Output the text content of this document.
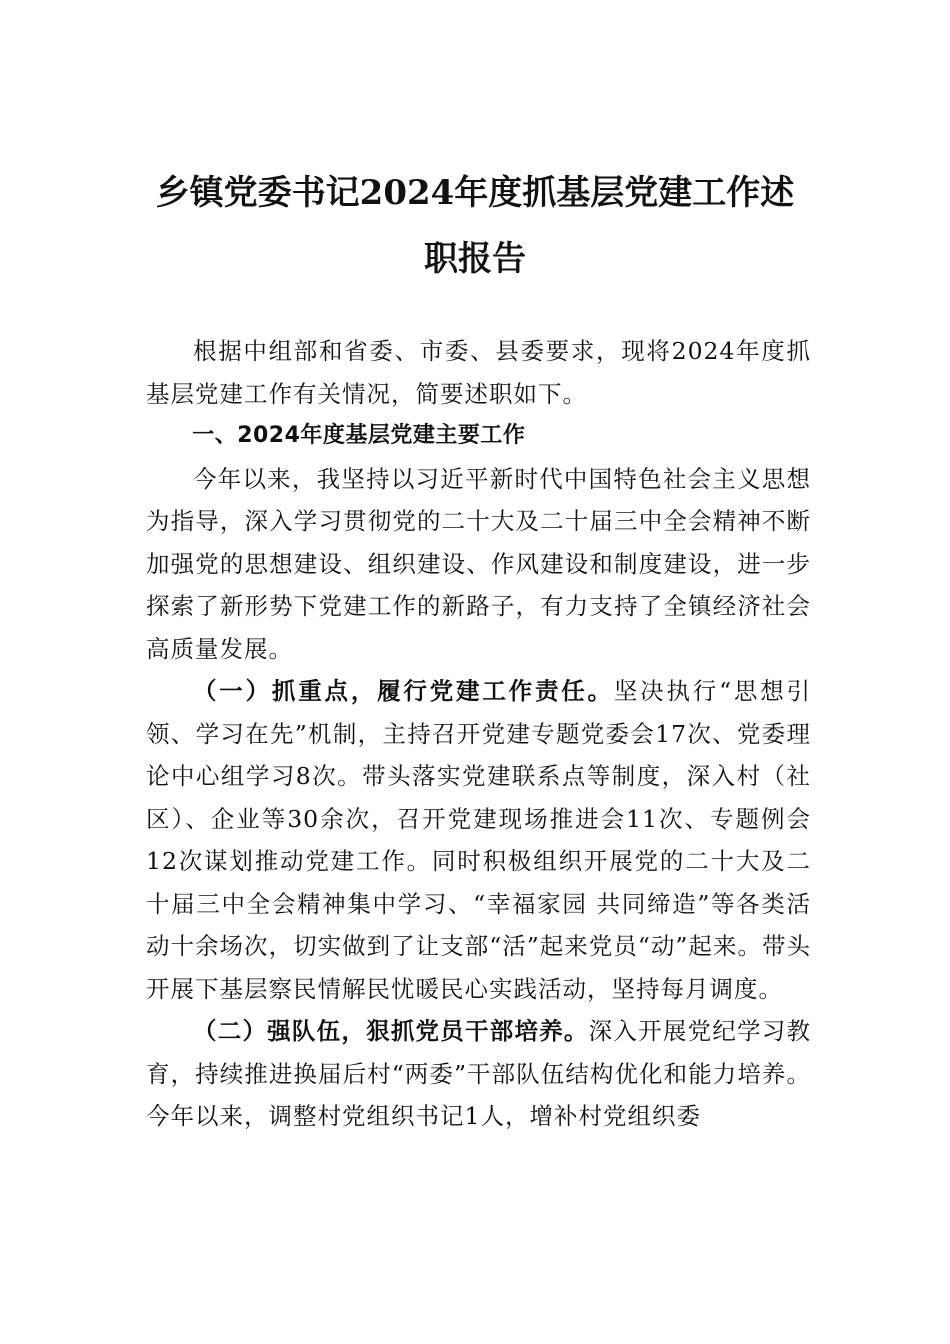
乡镇党委书记2024年度抓基层党建工作述
职报告

根据中组部和省委、市委、县委要求，现将2024年度抓基层党建工作有关情况，简要述职如下。

一、2024年度基层党建主要工作

今年以来，我坚持以习近平新时代中国特色社会主义思想为指导，深入学习贯彻党的二十大及二十届三中全会精神不断加强党的思想建设、组织建设、作风建设和制度建设，进一步探索了新形势下党建工作的新路子，有力支持了全镇经济社会高质量发展。

（一）抓重点，履行党建工作责任。坚决执行“思想引领、学习在先”机制，主持召开党建专题党委会17次、党委理论中心组学习8次。带头落实党建联系点等制度，深入村（社区）、企业等30余次，召开党建现场推进会11次、专题例会12次谋划推动党建工作。同时积极组织开展党的二十大及二十届三中全会精神集中学习、“幸福家园 共同缔造”等各类活动十余场次，切实做到了让支部“活”起来党员“动”起来。带头开展下基层察民情解民忧暖民心实践活动，坚持每月调度。

（二）强队伍，狠抓党员干部培养。深入开展党纪学习教育，持续推进换届后村“两委”干部队伍结构优化和能力培养。今年以来，调整村党组织书记1人，增补村党组织委
